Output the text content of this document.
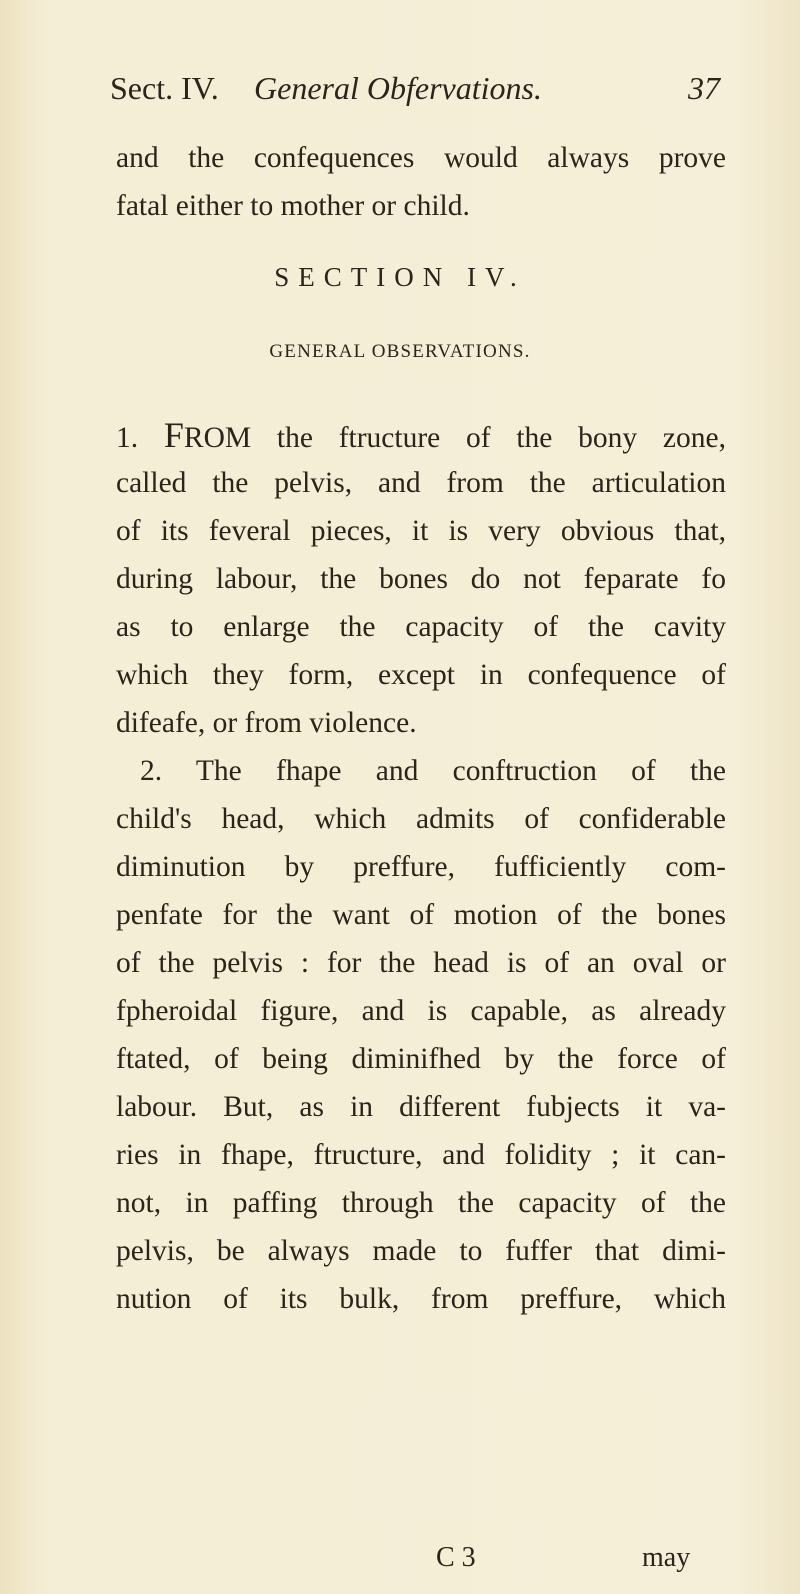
Sect. IV. General Obfervations.	37
and the confequences would always prove
fatal either to mother or child.
SECTION IV.
GENERAL OBSERVATIONS.
1. FROM the ftructure of the bony zone,
called the pelvis, and from the articulation
of its feveral pieces, it is very obvious that,
during labour, the bones do not feparate fo
as to enlarge the capacity of the cavity
which they form, except in confequence of
difeafe, or from violence.
2. The fhape and conftruction of the
child's head, which admits of confiderable
diminution by preffure, fufficiently com-
penfate for the want of motion of the bones
of the pelvis : for the head is of an oval or
fpheroidal figure, and is capable, as already
ftated, of being diminifhed by the force of
labour. But, as in different fubjects it va-
ries in fhape, ftructure, and folidity ; it can-
not, in paffing through the capacity of the
pelvis, be always made to fuffer that dimi-
nution of its bulk, from preffure, which
C 3	may
